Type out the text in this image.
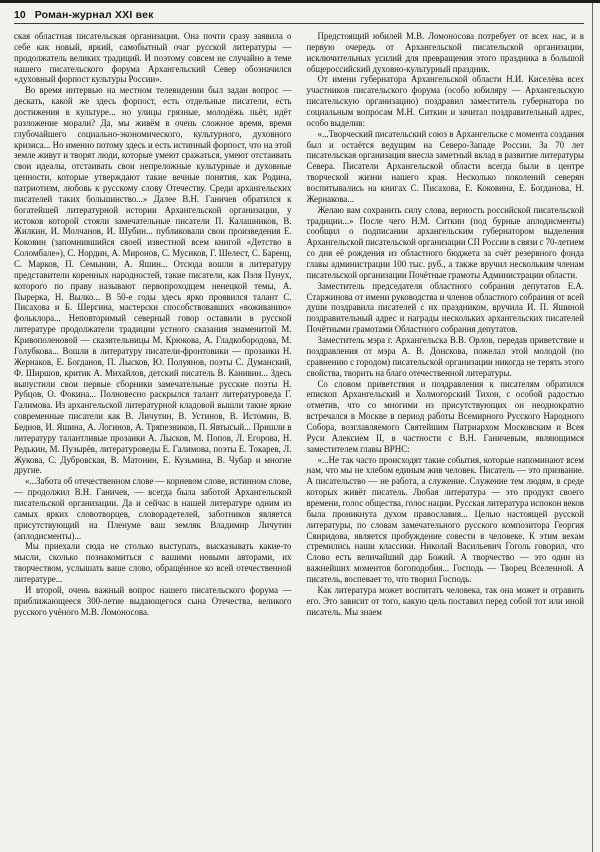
10 Роман-журнал XXI век

ская областная писательская организация. Она почти сразу заявила о себе как новый, яркий, самобытный очаг русской литературы — продолжатель великих традиций. И поэтому совсем не случайно в теме нашего писательского форума Архангельский Север обозначился «духовный форпост культуры России».

Во время интервью на местном телевидении был задан вопрос — дескать, какой же здесь форпост, есть отдельные писатели, есть достижения в культуре... но улицы грязные, молодёжь пьёт, идёт разложение морали? Да, мы живём в очень сложное время, время глубочайшего социально-экономического, культурного, духовного кризиса... Но именно потому здесь и есть истинный форпост, что на этой земле живут и творят люди, которые умеют сражаться, умеют отстаивать свои идеалы, отстаивать свои непреложные культурные и духовные ценности, которые утверждают такие вечные понятия, как Родина, патриотизм, любовь к русскому слову Отечеству. Среди архангельских писателей таких большинство...» Далее В.Н. Ганичев обратился к богатейшей литературной истории Архангельской организации, у истоков которой стояли замечательные писатели П. Калашников, В. Жилкин, И. Молчанов, И. Шубин... публиковали свои произведения Е. Коковин (запомнившийся своей известной всем книгой «Детство в Соломбале»), С. Нордин, А. Миронов, С. Мусиков, Г. Шелест, С. Баренц, С. Марков, П. Семынин, А. Яшин... Отсюда вошли в литературу представители коренных народностей, такие писатели, как Пэля Пунух, которого по праву называют первопроходцем ненецкой темы, А. Пырерка, Н. Вылко... В 50-е годы здесь ярко проявился талант С. Писахова и Б. Шергина, мастерски способствовавших «воживанию» фольклора... Неповторимый северный говор оставили в русской литературе продолжатели традиции устного сказания знаменитой М. Кривополеновой — сказительницы М. Крюкова, А. Гладкобородова, М. Голубкова... Вошли в литературу писатели-фронтовики — прозаики Н. Жернаков, Е. Богданов, П. Лысков, Ю. Полуянов, поэты С. Думанский, Ф. Ширшов, критик А. Михайлов, детский писатель В. Канивин... Здесь выпустили свои первые сборники замечательные русские поэты Н. Рубцов, О. Фокина... Полновесно раскрылся талант литературоведа Г. Галимова. Из архангельской литературной кладовой вышли такие яркие современные писатели как В. Личутин, В. Устинов, В. Истомин, В. Беднов, И. Яшина, А. Логинов, А. Тряпезников, П. Явтысый... Пришли в литературу талантливые прозаики А. Лысков, М. Попов, Л. Егорова, Н. Редькин, М. Пузырёв, литературоведы Е. Галимова, поэты Е. Токарев, Л. Жукова, С. Дубровская, В. Матонин, Е. Кузьмина, В. Чубар и многие другие.

«...Забота об отечественном слове — корневом слове, истинном слове, — продолжил В.Н. Ганичев, — всегда была заботой Архангельской писательской организации. Да и сейчас в нашей литературе одним из самых ярких словотворцев, словорадетелей, заботников является присутствующий на Пленуме ваш земляк Владимир Личутин (аплодисменты)...

Мы приехали сюда не столько выступать, высказывать какие-то мысли, сколько познакомиться с вашими новыми авторами, их творчеством, услышать ваше слово, обращённое ко всей отечественной литературе...

И второй, очень важный вопрос нашего писательского форума — приближающееся 300-летие выдающегося сына Отечества, великого русского учёного М.В. Ломоносова.

Предстоящий юбилей М.В. Ломоносова потребует от всех нас, и в первую очередь от Архангельской писательской организации, исключительных усилий для превращения этого праздника в большой общероссийский духовно-культурный праздник.

От имени губернатора Архангельской области Н.И. Киселёва всех участников писательского форума (особо юбиляру — Архангельскую писательскую организацию) поздравил заместитель губернатора по социальным вопросам М.Н. Ситкин и зачитал поздравительный адрес, особо выделив:

«...Творческий писательский союз в Архангельске с момента создания был и остаётся ведущим на Северо-Западе России. За 70 лет писательская организация внесла заметный вклад в развитие литературы Севера. Писатели Архангельской области всегда были в центре творческой жизни нашего края. Несколько поколений северян воспитывались на книгах С. Писахова, Е. Коковина, Е. Богданова, Н. Жернакова...

Желаю вам сохранить силу слова, верность российской писательской традиции...» После чего Н.М. Ситкин (под бурные аплодисменты) сообщил о подписании архангельским губернатором выделения Архангельской писательской организации СП России в связи с 70-летием со дня её рождения из областного бюджета за счёт резервного фонда главы администрации 100 тыс. руб., а также вручил нескольким членам писательской организации Почётные грамоты Администрации области.

Заместитель председателя областного собрания депутатов Е.А. Старжинова от имени руководства и членов областного собрания от всей души поздравила писателей с их праздником, вручила И. П. Яшиной поздравительный адрес и награды нескольких архангельских писателей Почётными грамотами Областного собрания депутатов.

Заместитель мэра г. Архангельска В.В. Орлов, передав приветствие и поздравления от мэра А. В. Донскова, пожелал этой молодой (по сравнению с городом) писательской организации никогда не терять этого свойства, творить на благо отечественной литературы.

Со словом приветствия и поздравления к писателям обратился епископ Архангельский и Холмогорский Тихон, с особой радостью отметив, что со многими из присутствующих он неоднократно встречался в Москве в период работы Всемирного Русского Народного Собора, возглавляемого Святейшим Патриархом Московским и Всея Руси Алексием II, в частности с В.Н. Ганичевым, являющимся заместителем главы ВРНС:

«...Не так часто происходят такие события, которые напоминают всем нам, что мы не хлебом единым жив человек. Писатель — это призвание. А писательство — не работа, а служение. Служение тем людям, в среде которых живёт писатель. Любая литература — это продукт своего времени, голос общества, голос нации. Русская литература испокон веков была проникнута духом православия... Целью настоящей русской литературы, по словам замечательного русского композитора Георгия Свиридова, является пробуждение совести в человеке. К этим вехам стремились наши классики. Николай Васильевич Гоголь говорил, что Слово есть величайший дар Божий. А творчество — это один из важнейших моментов богоподобия... Господь — Творец Вселенной. А писатель, воспевает то, что творил Господь.

Как литература может воспитать человека, так она может и отравить его. Это зависит от того, какую цель поставил перед собой тот или иной писатель. Мы знаем
